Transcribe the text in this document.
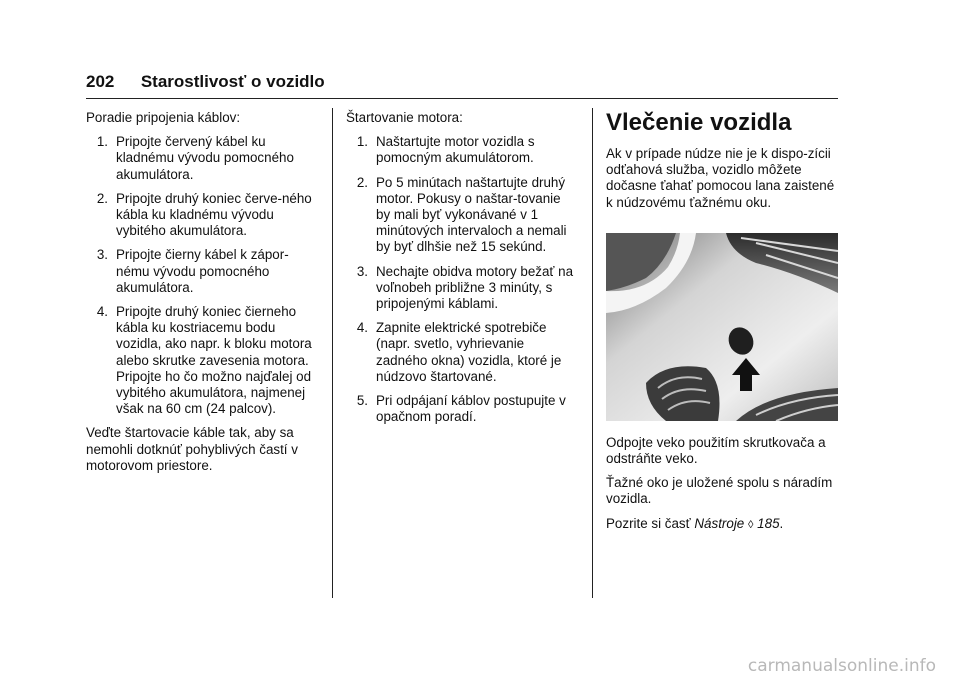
202 Starostlivosť o vozidlo

Poradie pripojenia káblov:

1. Pripojte červený kábel ku kladnému vývodu pomocného akumulátora.
2. Pripojte druhý koniec červe-ného kábla ku kladnému vývodu vybitého akumulátora.
3. Pripojte čierny kábel k zápor-nému vývodu pomocného akumulátora.
4. Pripojte druhý koniec čierneho kábla ku kostriacemu bodu vozidla, ako napr. k bloku motora alebo skrutke zavesenia motora. Pripojte ho čo možno najďalej od vybitého akumulátora, najmenej však na 60 cm (24 palcov).

Veďte štartovacie káble tak, aby sa nemohli dotknúť pohyblivých častí v motorovom priestore.

Štartovanie motora:

1. Naštartujte motor vozidla s pomocným akumulátorom.
2. Po 5 minútach naštartujte druhý motor. Pokusy o naštar-tovanie by mali byť vykonávané v 1 minútových intervaloch a nemali by byť dlhšie než 15 sekúnd.
3. Nechajte obidva motory bežať na voľnobeh približne 3 minúty, s pripojenými káblami.
4. Zapnite elektrické spotrebiče (napr. svetlo, vyhrievanie zadného okna) vozidla, ktoré je núdzovo štartované.
5. Pri odpájaní káblov postupujte v opačnom poradí.
Vlečenie vozidla

Ak v prípade núdze nie je k dispo-zícii odťahová služba, vozidlo môžete dočasne ťahať pomocou lana zaistené k núdzovému ťažnému oku.

Odpojte veko použitím skrutkovača a odstráňte veko.

Ťažné oko je uložené spolu s náradím vozidla.

Pozrite si časť Nástroje ◊ 185.

carmanualsonline.info
